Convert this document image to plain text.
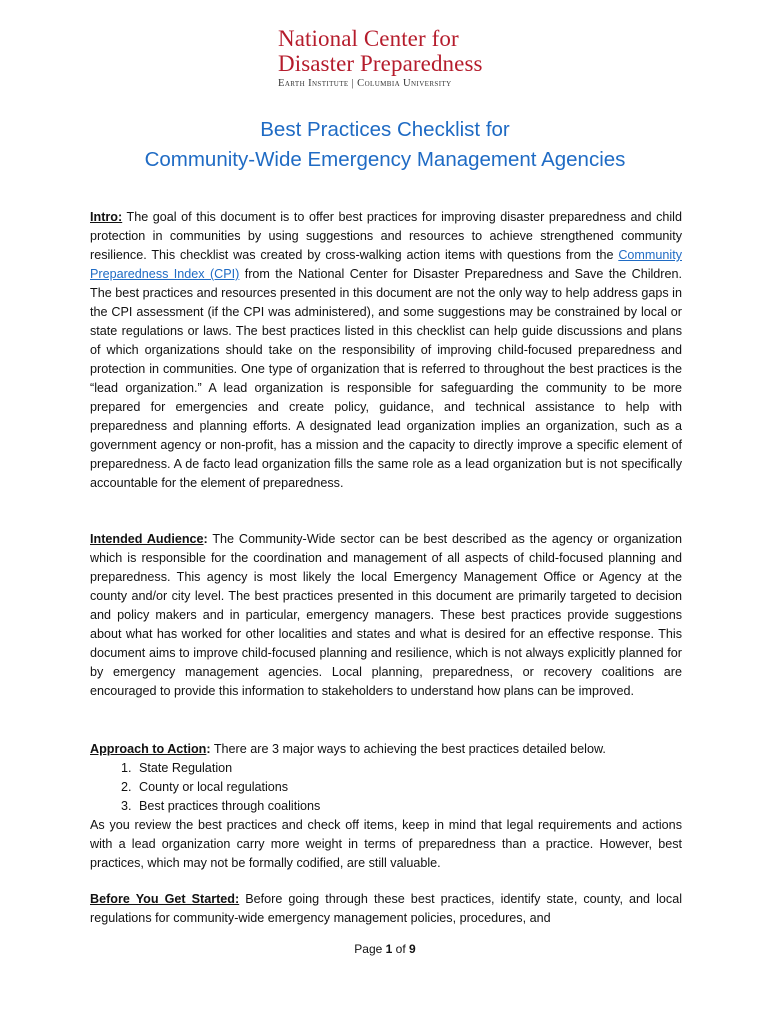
National Center for
Disaster Preparedness
Earth Institute | Columbia University
Best Practices Checklist for
Community-Wide Emergency Management Agencies

Intro: The goal of this document is to offer best practices for improving disaster preparedness and child protection in communities by using suggestions and resources to achieve strengthened community resilience. This checklist was created by cross-walking action items with questions from the Community Preparedness Index (CPI) from the National Center for Disaster Preparedness and Save the Children. The best practices and resources presented in this document are not the only way to help address gaps in the CPI assessment (if the CPI was administered), and some suggestions may be constrained by local or state regulations or laws. The best practices listed in this checklist can help guide discussions and plans of which organizations should take on the responsibility of improving child-focused preparedness and protection in communities. One type of organization that is referred to throughout the best practices is the “lead organization.” A lead organization is responsible for safeguarding the community to be more prepared for emergencies and create policy, guidance, and technical assistance to help with preparedness and planning efforts. A designated lead organization implies an organization, such as a government agency or non-profit, has a mission and the capacity to directly improve a specific element of preparedness. A de facto lead organization fills the same role as a lead organization but is not specifically accountable for the element of preparedness.

Intended Audience: The Community-Wide sector can be best described as the agency or organization which is responsible for the coordination and management of all aspects of child-focused planning and preparedness. This agency is most likely the local Emergency Management Office or Agency at the county and/or city level. The best practices presented in this document are primarily targeted to decision and policy makers and in particular, emergency managers. These best practices provide suggestions about what has worked for other localities and states and what is desired for an effective response. This document aims to improve child-focused planning and resilience, which is not always explicitly planned for by emergency management agencies. Local planning, preparedness, or recovery coalitions are encouraged to provide this information to stakeholders to understand how plans can be improved.

Approach to Action: There are 3 major ways to achieving the best practices detailed below.

1. State Regulation
2. County or local regulations
3. Best practices through coalitions

As you review the best practices and check off items, keep in mind that legal requirements and actions with a lead organization carry more weight in terms of preparedness than a practice. However, best practices, which may not be formally codified, are still valuable.

Before You Get Started: Before going through these best practices, identify state, county, and local regulations for community-wide emergency management policies, procedures, and

Page 1 of 9
